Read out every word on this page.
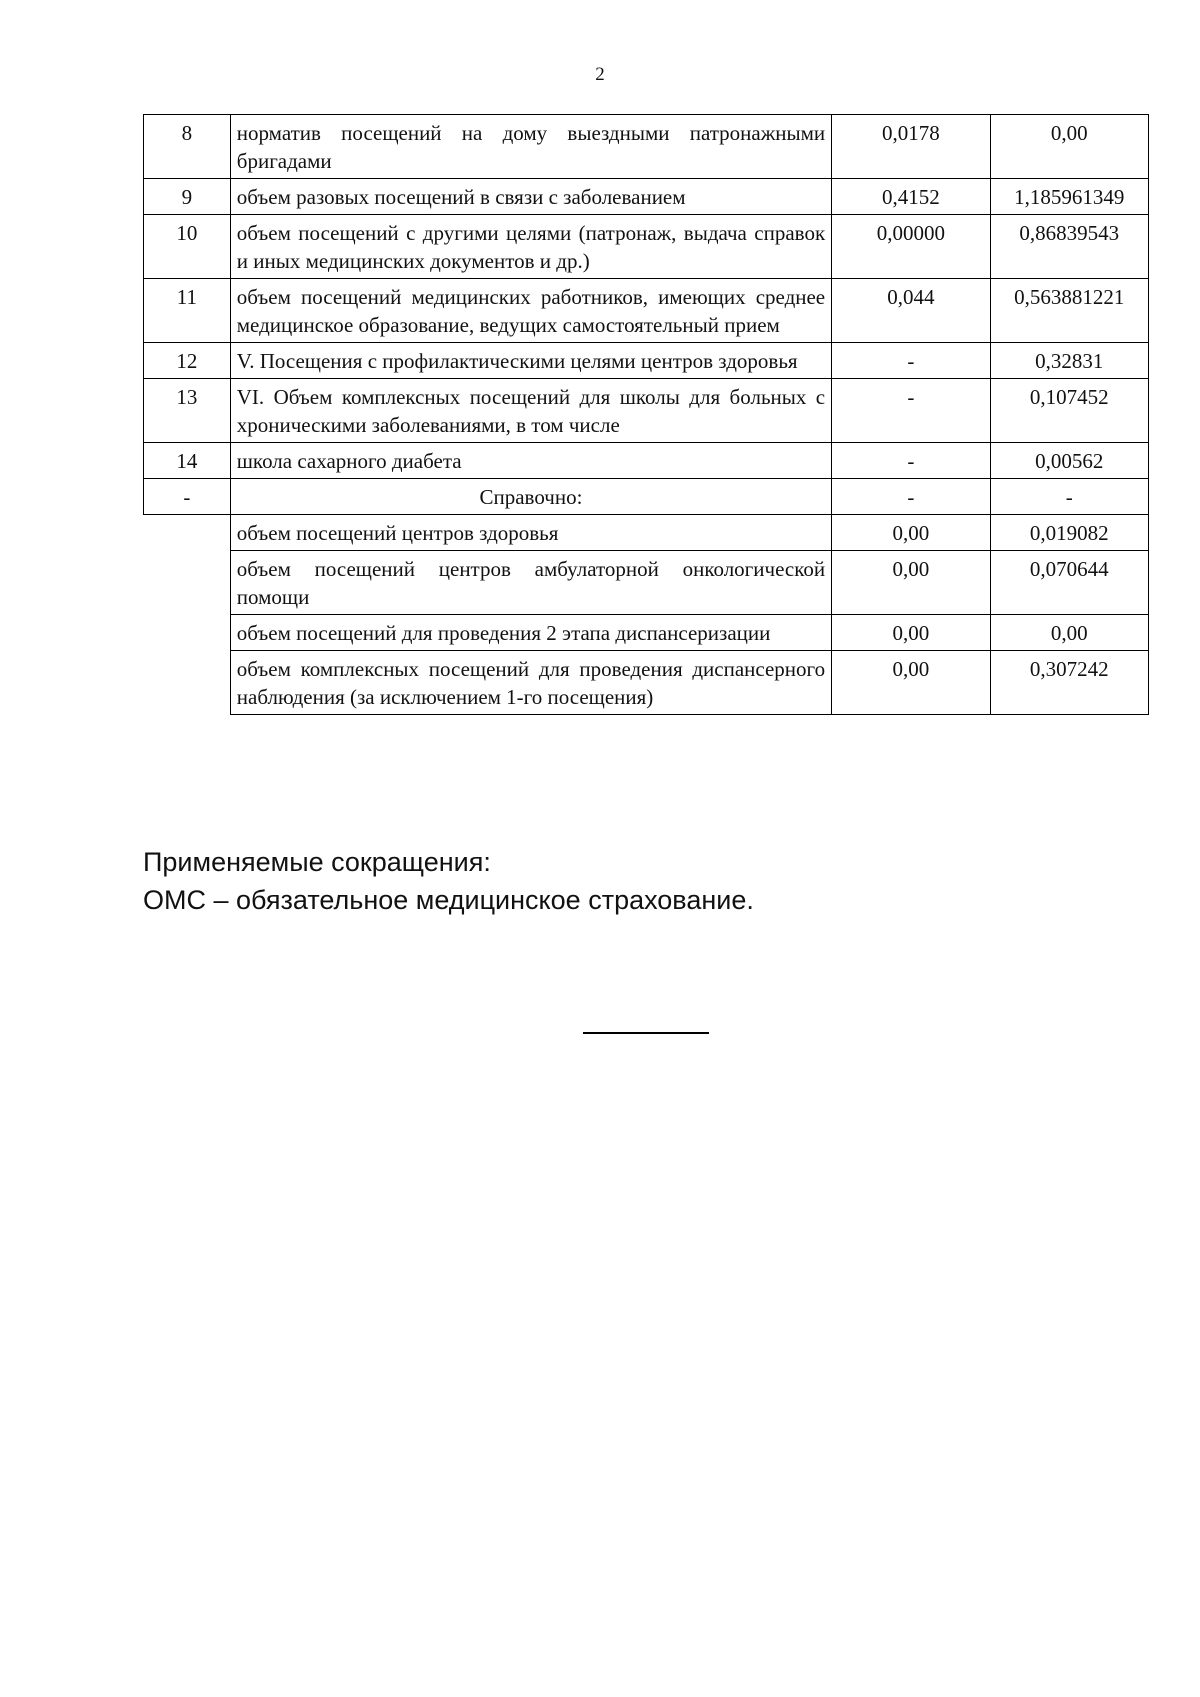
2
8	норматив посещений на дому выездными патронажными бригадами	0,0178	0,00
9	объем разовых посещений в связи с заболеванием	0,4152	1,185961349
10	объем посещений с другими целями (патронаж, выдача справок и иных медицинских документов и др.)	0,00000	0,86839543
11	объем посещений медицинских работников, имеющих среднее медицинское образование, ведущих самостоятельный прием	0,044	0,563881221
12	V. Посещения с профилактическими целями центров здоровья	-	0,32831
13	VI. Объем комплексных посещений для школы для больных с хроническими заболеваниями, в том числе	-	0,107452
14	школа сахарного диабета	-	0,00562
-	Справочно:	-	-
	объем посещений центров здоровья	0,00	0,019082
	объем посещений центров амбулаторной онкологической помощи	0,00	0,070644
	объем посещений для проведения 2 этапа диспансеризации	0,00	0,00
	объем комплексных посещений для проведения диспансерного наблюдения (за исключением 1-го посещения)	0,00	0,307242
Применяемые сокращения:
ОМС – обязательное медицинское страхование.
